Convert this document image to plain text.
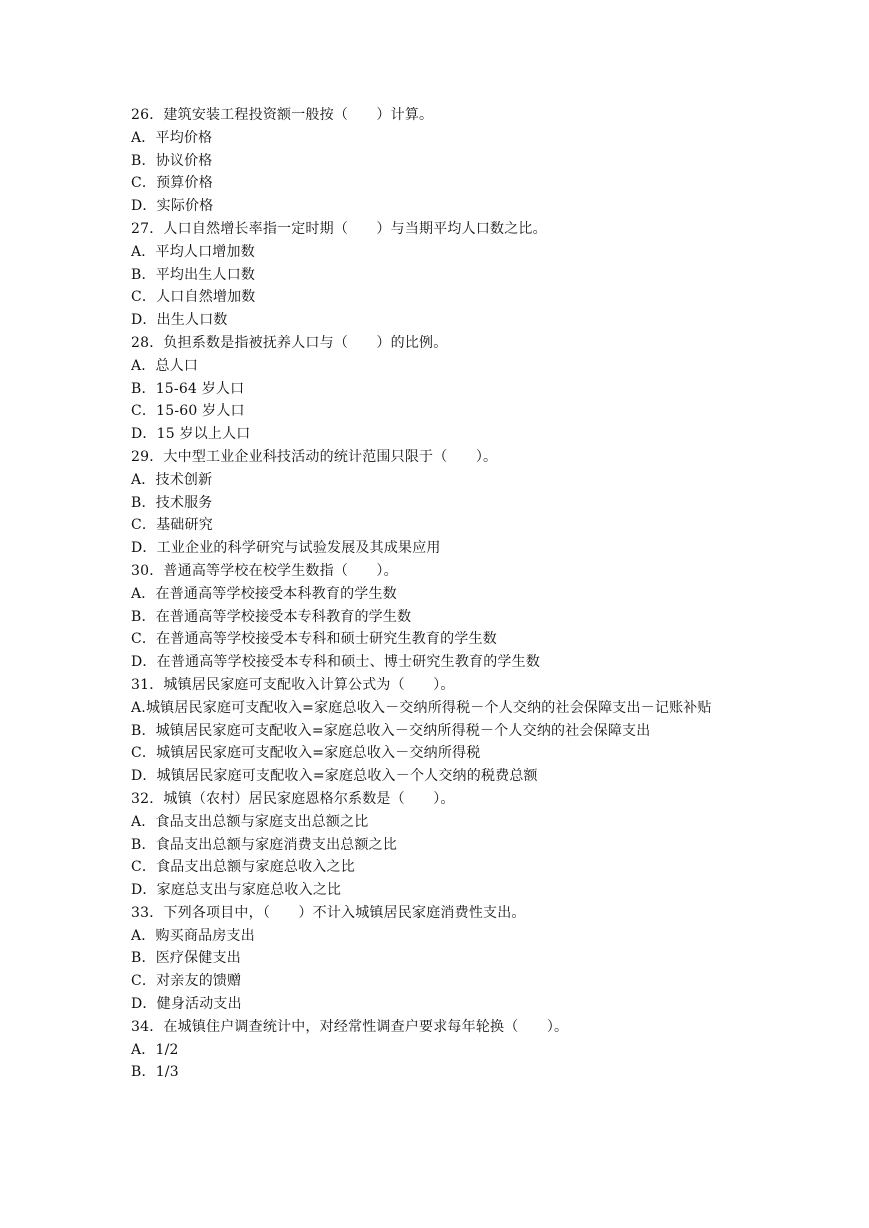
26．建筑安装工程投资额一般按（　　）计算。
A．平均价格
B．协议价格
C．预算价格
D．实际价格
27．人口自然增长率指一定时期（　　）与当期平均人口数之比。
A．平均人口增加数
B．平均出生人口数
C．人口自然增加数
D．出生人口数
28．负担系数是指被抚养人口与（　　）的比例。
A．总人口
B．15-64 岁人口
C．15-60 岁人口
D．15 岁以上人口
29．大中型工业企业科技活动的统计范围只限于（　　）。
A．技术创新
B．技术服务
C．基础研究
D．工业企业的科学研究与试验发展及其成果应用
30．普通高等学校在校学生数指（　　）。
A．在普通高等学校接受本科教育的学生数
B．在普通高等学校接受本专科教育的学生数
C．在普通高等学校接受本专科和硕士研究生教育的学生数
D．在普通高等学校接受本专科和硕士、博士研究生教育的学生数
31．城镇居民家庭可支配收入计算公式为（　　）。
A.城镇居民家庭可支配收入=家庭总收入－交纳所得税－个人交纳的社会保障支出－记账补贴
B．城镇居民家庭可支配收入=家庭总收入－交纳所得税－个人交纳的社会保障支出
C．城镇居民家庭可支配收入=家庭总收入－交纳所得税
D．城镇居民家庭可支配收入=家庭总收入－个人交纳的税费总额
32．城镇（农村）居民家庭恩格尔系数是（　　）。
A．食品支出总额与家庭支出总额之比
B．食品支出总额与家庭消费支出总额之比
C．食品支出总额与家庭总收入之比
D．家庭总支出与家庭总收入之比
33．下列各项目中，（　　）不计入城镇居民家庭消费性支出。
A．购买商品房支出
B．医疗保健支出
C．对亲友的馈赠
D．健身活动支出
34．在城镇住户调查统计中，对经常性调查户要求每年轮换（　　）。
A．1/2
B．1/3
